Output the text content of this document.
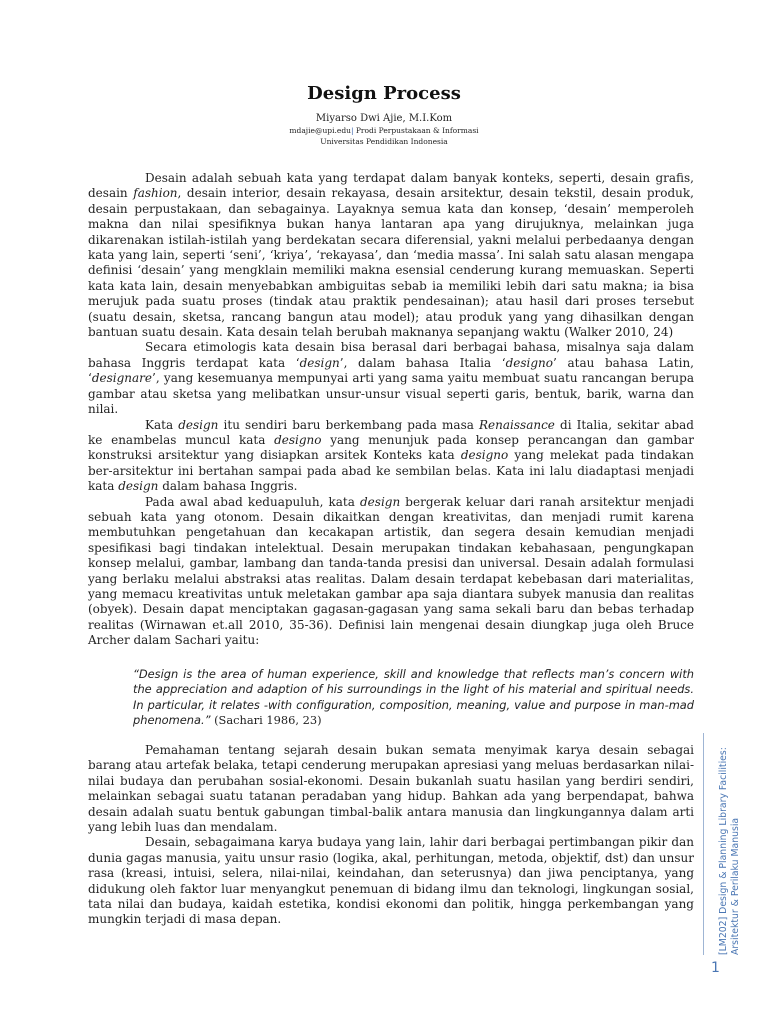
Design Process
Miyarso Dwi Ajie, M.I.Kom
mdajie@upi.edu| Prodi Perpustakaan & Informasi
Universitas Pendidikan Indonesia

Desain adalah sebuah kata yang terdapat dalam banyak konteks, seperti, desain grafis, desain fashion, desain interior, desain rekayasa, desain arsitektur, desain tekstil, desain produk, desain perpustakaan, dan sebagainya. Layaknya semua kata dan konsep, ‘desain’ memperoleh makna dan nilai spesifiknya bukan hanya lantaran apa yang dirujuknya, melainkan juga dikarenakan istilah-istilah yang berdekatan secara diferensial, yakni melalui perbedaanya dengan kata yang lain, seperti ‘seni’, ‘kriya’, ‘rekayasa’, dan ‘media massa’. Ini salah satu alasan mengapa definisi ‘desain’ yang mengklain memiliki makna esensial cenderung kurang memuaskan. Seperti kata kata lain, desain menyebabkan ambiguitas sebab ia memiliki lebih dari satu makna; ia bisa merujuk pada suatu proses (tindak atau praktik pendesainan); atau hasil dari proses tersebut (suatu desain, sketsa, rancang bangun atau model); atau produk yang yang dihasilkan dengan bantuan suatu desain. Kata desain telah berubah maknanya sepanjang waktu (Walker 2010, 24)

Secara etimologis kata desain bisa berasal dari berbagai bahasa, misalnya saja dalam bahasa Inggris terdapat kata ‘design’, dalam bahasa Italia ‘designo’ atau bahasa Latin, ‘designare’, yang kesemuanya mempunyai arti yang sama yaitu membuat suatu rancangan berupa gambar atau sketsa yang melibatkan unsur-unsur visual seperti garis, bentuk, barik, warna dan nilai.

Kata design itu sendiri baru berkembang pada masa Renaissance di Italia, sekitar abad ke enambelas muncul kata designo yang menunjuk pada konsep perancangan dan gambar konstruksi arsitektur yang disiapkan arsitek Konteks kata designo yang melekat pada tindakan ber-arsitektur ini bertahan sampai pada abad ke sembilan belas. Kata ini lalu diadaptasi menjadi kata design dalam bahasa Inggris.

Pada awal abad keduapuluh, kata design bergerak keluar dari ranah arsitektur menjadi sebuah kata yang otonom. Desain dikaitkan dengan kreativitas, dan menjadi rumit karena membutuhkan pengetahuan dan kecakapan artistik, dan segera desain kemudian menjadi spesifikasi bagi tindakan intelektual. Desain merupakan tindakan kebahasaan, pengungkapan konsep melalui, gambar, lambang dan tanda-tanda presisi dan universal. Desain adalah formulasi yang berlaku melalui abstraksi atas realitas. Dalam desain terdapat kebebasan dari materialitas, yang memacu kreativitas untuk meletakan gambar apa saja diantara subyek manusia dan realitas (obyek). Desain dapat menciptakan gagasan-gagasan yang sama sekali baru dan bebas terhadap realitas (Wirnawan et.all 2010, 35-36). Definisi lain mengenai desain diungkap juga oleh Bruce Archer dalam Sachari yaitu:

“Design is the area of human experience, skill and knowledge that reflects man’s concern with the appreciation and adaption of his surroundings in the light of his material and spiritual needs. In particular, it relates -with configuration, composition, meaning, value and purpose in man-mad phenomena.” (Sachari 1986, 23)

Pemahaman tentang sejarah desain bukan semata menyimak karya desain sebagai barang atau artefak belaka, tetapi cenderung merupakan apresiasi yang meluas berdasarkan nilai-nilai budaya dan perubahan sosial-ekonomi. Desain bukanlah suatu hasilan yang berdiri sendiri, melainkan sebagai suatu tatanan peradaban yang hidup. Bahkan ada yang berpendapat, bahwa desain adalah suatu bentuk gabungan timbal-balik antara manusia dan lingkungannya dalam arti yang lebih luas dan mendalam.

Desain, sebagaimana karya budaya yang lain, lahir dari berbagai pertimbangan pikir dan dunia gagas manusia, yaitu unsur rasio (logika, akal, perhitungan, metoda, objektif, dst) dan unsur rasa (kreasi, intuisi, selera, nilai-nilai, keindahan, dan seterusnya) dan jiwa penciptanya, yang didukung oleh faktor luar menyangkut penemuan di bidang ilmu dan teknologi, lingkungan sosial, tata nilai dan budaya, kaidah estetika, kondisi ekonomi dan politik, hingga perkembangan yang mungkin terjadi di masa depan.	[LM202] Design & Planning Library Facilities: Arsitektur & Perilaku Manusia
1
